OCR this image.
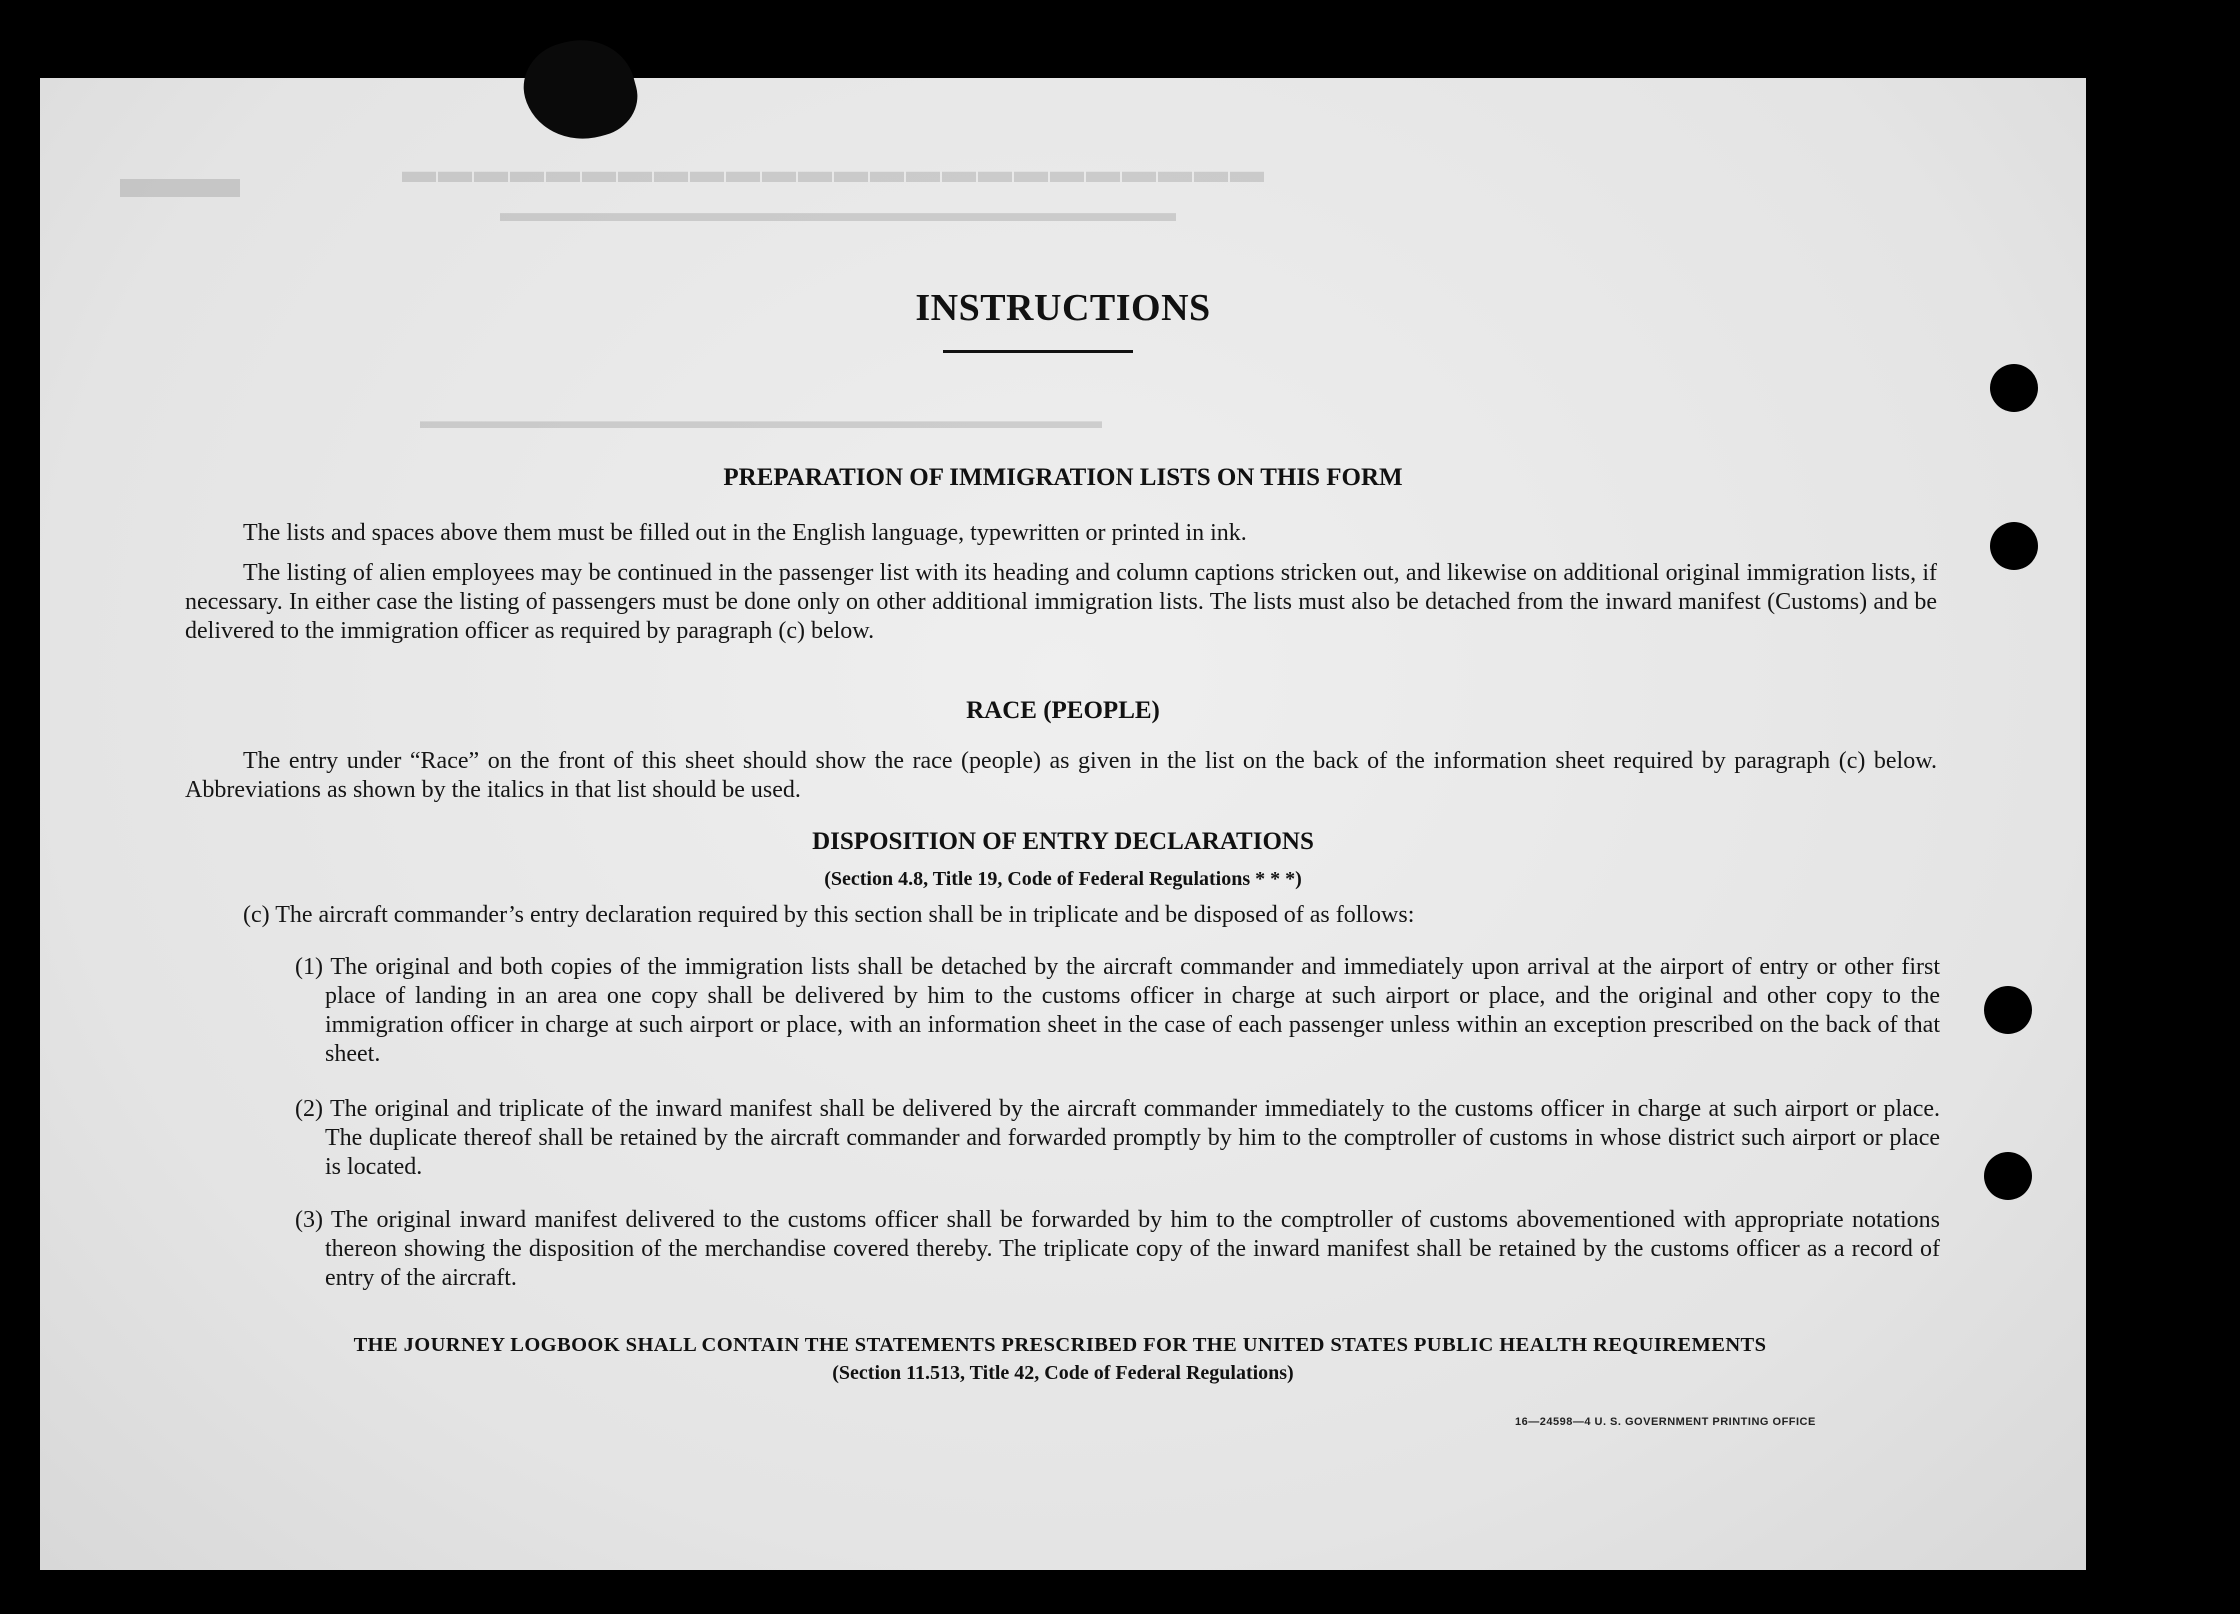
▬▬▬▬▬▬▬▬▬▬▬▬▬▬▬▬▬▬▬▬▬▬▬▬
▬▬▬▬▬▬▬▬▬▬▬▬▬▬▬▬▬▬▬▬▬▬▬▬▬▬
▬▬
▬▬▬▬▬▬▬▬▬▬▬▬▬▬▬▬▬▬▬▬▬▬▬▬▬▬▬▬▬▬▬
INSTRUCTIONS
PREPARATION OF IMMIGRATION LISTS ON THIS FORM

The lists and spaces above them must be filled out in the English language, typewritten or printed in ink.

The listing of alien employees may be continued in the passenger list with its heading and column captions stricken out, and likewise on additional original immigration lists, if necessary. In either case the listing of passengers must be done only on other additional immigration lists. The lists must also be detached from the inward manifest (Customs) and be delivered to the immigration officer as required by paragraph (c) below.

RACE (PEOPLE)

The entry under “Race” on the front of this sheet should show the race (people) as given in the list on the back of the information sheet required by paragraph (c) below. Abbreviations as shown by the italics in that list should be used.

DISPOSITION OF ENTRY DECLARATIONS
(Section 4.8, Title 19, Code of Federal Regulations * * *)

(c) The aircraft commander’s entry declaration required by this section shall be in triplicate and be disposed of as follows:

(1) The original and both copies of the immigration lists shall be detached by the aircraft commander and immediately upon arrival at the airport of entry or other first place of landing in an area one copy shall be delivered by him to the customs officer in charge at such airport or place, and the original and other copy to the immigration officer in charge at such airport or place, with an information sheet in the case of each passenger unless within an exception prescribed on the back of that sheet.

(2) The original and triplicate of the inward manifest shall be delivered by the aircraft commander immediately to the customs officer in charge at such airport or place. The duplicate thereof shall be retained by the aircraft commander and forwarded promptly by him to the comptroller of customs in whose district such airport or place is located.

(3) The original inward manifest delivered to the customs officer shall be forwarded by him to the comptroller of customs abovementioned with appropriate notations thereon showing the disposition of the merchandise covered thereby. The triplicate copy of the inward manifest shall be retained by the customs officer as a record of entry of the aircraft.

THE JOURNEY LOGBOOK SHALL CONTAIN THE STATEMENTS PRESCRIBED FOR THE UNITED STATES PUBLIC HEALTH REQUIREMENTS
(Section 11.513, Title 42, Code of Federal Regulations)
16—24598—4 U. S. GOVERNMENT PRINTING OFFICE
